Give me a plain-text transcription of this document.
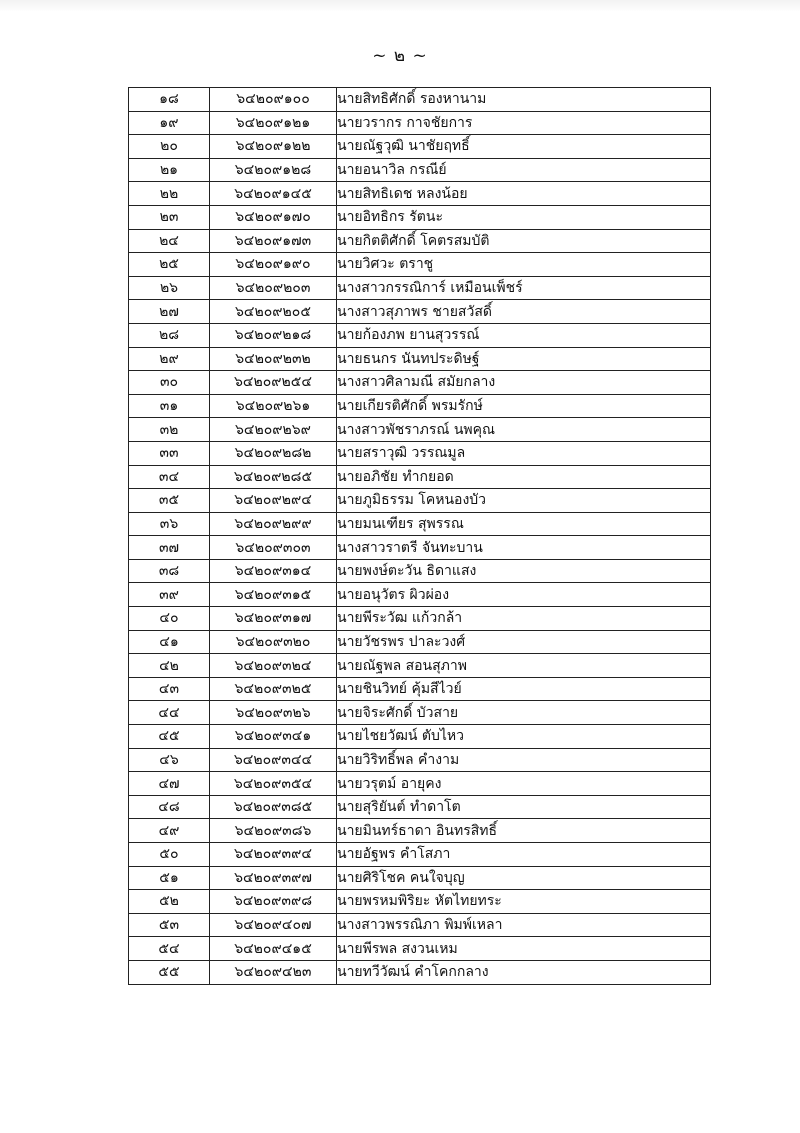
~ ๒ ~
๑๘	๖๔๒๐๙๑๐๐	นายสิทธิศักดิ์ รองหานาม
๑๙	๖๔๒๐๙๑๒๑	นายวรากร กาจชัยการ
๒๐	๖๔๒๐๙๑๒๒	นายณัฐวุฒิ นาชัยฤทธิ์
๒๑	๖๔๒๐๙๑๒๘	นายอนาวิล กรณีย์
๒๒	๖๔๒๐๙๑๔๕	นายสิทธิเดช หลงน้อย
๒๓	๖๔๒๐๙๑๗๐	นายอิทธิกร รัตนะ
๒๔	๖๔๒๐๙๑๗๓	นายกิตติศักดิ์ โคตรสมบัติ
๒๕	๖๔๒๐๙๑๙๐	นายวิศวะ ตราชู
๒๖	๖๔๒๐๙๒๐๓	นางสาวกรรณิการ์ เหมือนเพ็ชร์
๒๗	๖๔๒๐๙๒๐๕	นางสาวสุภาพร ชายสวัสดิ์
๒๘	๖๔๒๐๙๒๑๘	นายก้องภพ ยานสุวรรณ์
๒๙	๖๔๒๐๙๒๓๒	นายธนกร นันทประดิษฐ์
๓๐	๖๔๒๐๙๒๕๔	นางสาวศิลามณี สมัยกลาง
๓๑	๖๔๒๐๙๒๖๑	นายเกียรติศักดิ์ พรมรักษ์
๓๒	๖๔๒๐๙๒๖๙	นางสาวพัชราภรณ์ นพคุณ
๓๓	๖๔๒๐๙๒๘๒	นายสราวุฒิ วรรณมูล
๓๔	๖๔๒๐๙๒๘๕	นายอภิชัย ทำกยอด
๓๕	๖๔๒๐๙๒๙๔	นายภูมิธรรม โคหนองบัว
๓๖	๖๔๒๐๙๒๙๙	นายมนเฑียร สุพรรณ
๓๗	๖๔๒๐๙๓๐๓	นางสาวราตรี จันทะบาน
๓๘	๖๔๒๐๙๓๑๔	นายพงษ์ตะวัน ธิดาแสง
๓๙	๖๔๒๐๙๓๑๕	นายอนุวัตร ผิวผ่อง
๔๐	๖๔๒๐๙๓๑๗	นายพีระวัฒ แก้วกล้า
๔๑	๖๔๒๐๙๓๒๐	นายวัชรพร ปาละวงศ์
๔๒	๖๔๒๐๙๓๒๔	นายณัฐพล สอนสุภาพ
๔๓	๖๔๒๐๙๓๒๕	นายชินวิทย์ คุ้มสีไวย์
๔๔	๖๔๒๐๙๓๒๖	นายจิระศักดิ์ บัวสาย
๔๕	๖๔๒๐๙๓๔๑	นายไชยวัฒน์ ตับไหว
๔๖	๖๔๒๐๙๓๔๔	นายวิริทธิ์พล คำงาม
๔๗	๖๔๒๐๙๓๕๔	นายวรุตม์ อายุคง
๔๘	๖๔๒๐๙๓๘๕	นายสุริยันต์ ทำดาโต
๔๙	๖๔๒๐๙๓๘๖	นายมินทร์ธาดา อินทรสิทธิ์
๕๐	๖๔๒๐๙๓๙๔	นายอัฐพร คำโสภา
๕๑	๖๔๒๐๙๓๙๗	นายศิริโชค คนใจบุญ
๕๒	๖๔๒๐๙๓๙๘	นายพรหมพิริยะ หัตไทยทระ
๕๓	๖๔๒๐๙๔๐๗	นางสาวพรรณิภา พิมพ์เหลา
๕๔	๖๔๒๐๙๔๑๕	นายพีรพล สงวนเหม
๕๕	๖๔๒๐๙๔๒๓	นายทวีวัฒน์ คำโคกกลาง
